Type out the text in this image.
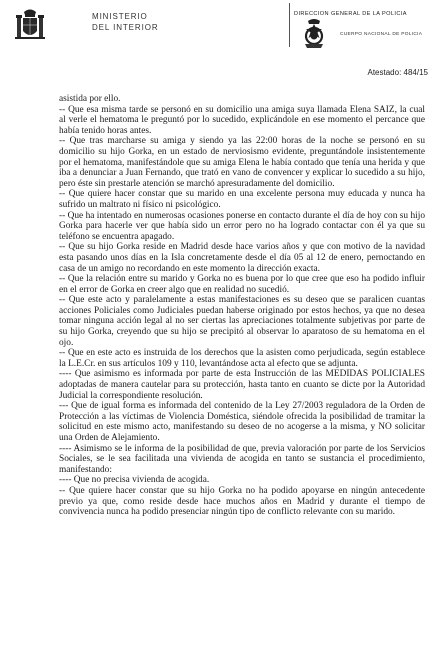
MINISTERIO
DEL INTERIOR
DIRECCION GENERAL DE LA POLICIA
CUERPO NACIONAL DE POLICIA
Atestado: 484/15

asistida por ello.

-- Que esa misma tarde se personó en su domicilio una amiga suya llamada Elena SAIZ, la cual al verle el hematoma le preguntó por lo sucedido, explicándole en ese momento el percance que había tenido horas antes.

-- Que tras marcharse su amiga y siendo ya las 22:00 horas de la noche se personó en su domicilio su hijo Gorka, en un estado de nerviosismo evidente, preguntándole insistentemente por el hematoma, manifestándole que su amiga Elena le había contado que tenía una herida y que iba a denunciar a Juan Fernando, que trató en vano de convencer y explicar lo sucedido a su hijo, pero éste sin prestarle atención se marchó apresuradamente del domicilio.

-- Que quiere hacer constar que su marido en una excelente persona muy educada y nunca ha sufrido un maltrato ni físico ni psicológico.

-- Que ha intentado en numerosas ocasiones ponerse en contacto durante el día de hoy con su hijo Gorka para hacerle ver que había sido un error pero no ha logrado contactar con él ya que su teléfono se encuentra apagado.

-- Que su hijo Gorka reside en Madrid desde hace varios años y que con motivo de la navidad esta pasando unos días en la Isla concretamente desde el día 05 al 12 de enero, pernoctando en casa de un amigo no recordando en este momento la dirección exacta.

-- Que la relación entre su marido y Gorka no es buena por lo que cree que eso ha podido influir en el error de Gorka en creer algo que en realidad no sucedió.

-- Que este acto y paralelamente a estas manifestaciones es su deseo que se paralicen cuantas acciones Policiales como Judiciales puedan haberse originado por estos hechos, ya que no desea tomar ninguna acción legal al no ser ciertas las apreciaciones totalmente subjetivas por parte de su hijo Gorka, creyendo que su hijo se precipitó al observar lo aparatoso de su hematoma en el ojo.

-- Que en este acto es instruida de los derechos que la asisten como perjudicada, según establece la L.E.Cr. en sus artículos 109 y 110, levantándose acta al efecto que se adjunta.

---- Que asimismo es informada por parte de esta Instrucción de las MEDIDAS POLICIALES adoptadas de manera cautelar para su protección, hasta tanto en cuanto se dicte por la Autoridad Judicial la correspondiente resolución.

--- Que de igual forma es informada del contenido de la Ley 27/2003 reguladora de la Orden de Protección a las víctimas de Violencia Doméstica, siéndole ofrecida la posibilidad de tramitar la solicitud en este mismo acto, manifestando su deseo de no acogerse a la misma, y NO solicitar una Orden de Alejamiento.

---- Asimismo se le informa de la posibilidad de que, previa valoración por parte de los Servicios Sociales, se le sea facilitada una vivienda de acogida en tanto se sustancia el procedimiento, manifestando:

---- Que no precisa vivienda de acogida.

-- Que quiere hacer constar que su hijo Gorka no ha podido apoyarse en ningún antecedente previo ya que, como reside desde hace muchos años en Madrid y durante el tiempo de convivencia nunca ha podido presenciar ningún tipo de conflicto relevante con su marido.
